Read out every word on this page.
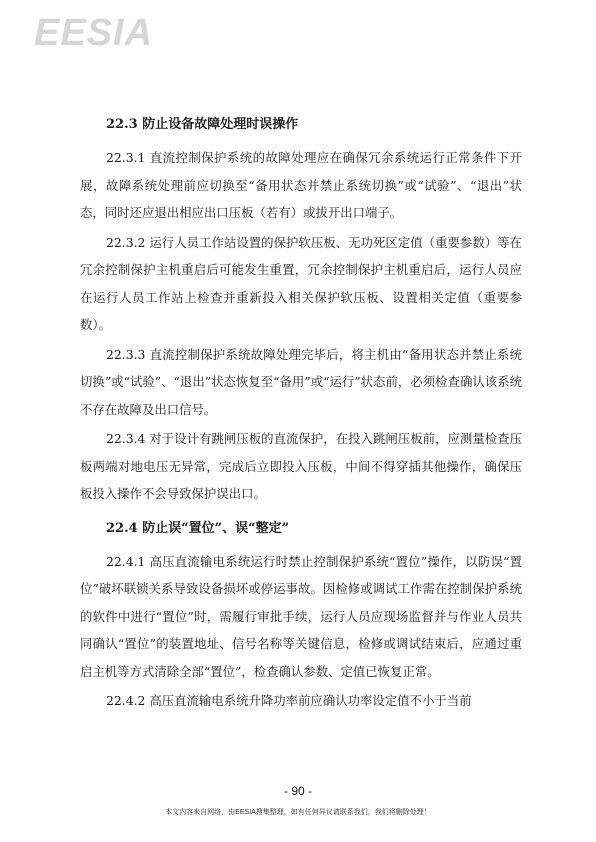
EESIA
22.3 防止设备故障处理时误操作

22.3.1 直流控制保护系统的故障处理应在确保冗余系统运行正常条件下开展，故障系统处理前应切换至“备用状态并禁止系统切换”或“试验”、“退出”状态，同时还应退出相应出口压板（若有）或拔开出口端子。

22.3.2 运行人员工作站设置的保护软压板、无功死区定值（重要参数）等在冗余控制保护主机重启后可能发生重置，冗余控制保护主机重启后，运行人员应在运行人员工作站上检查并重新投入相关保护软压板、设置相关定值（重要参数）。

22.3.3 直流控制保护系统故障处理完毕后，将主机由“备用状态并禁止系统切换”或“试验”、“退出”状态恢复至“备用”或“运行”状态前，必须检查确认该系统不存在故障及出口信号。

22.3.4 对于设计有跳闸压板的直流保护，在投入跳闸压板前，应测量检查压板两端对地电压无异常，完成后立即投入压板，中间不得穿插其他操作，确保压板投入操作不会导致保护误出口。

22.4 防止误“置位”、误“整定”

22.4.1 高压直流输电系统运行时禁止控制保护系统“置位”操作，以防误“置位”破坏联锁关系导致设备损坏或停运事故。因检修或调试工作需在控制保护系统的软件中进行“置位”时，需履行审批手续，运行人员应现场监督并与作业人员共同确认“置位”的装置地址、信号名称等关键信息，检修或调试结束后，应通过重启主机等方式清除全部“置位”，检查确认参数、定值已恢复正常。

22.4.2 高压直流输电系统升降功率前应确认功率设定值不小于当前

- 90 -
本文内容来自网络，由EESIA搜集整理，如有任何异议请联系我们，我们将删除处理！
